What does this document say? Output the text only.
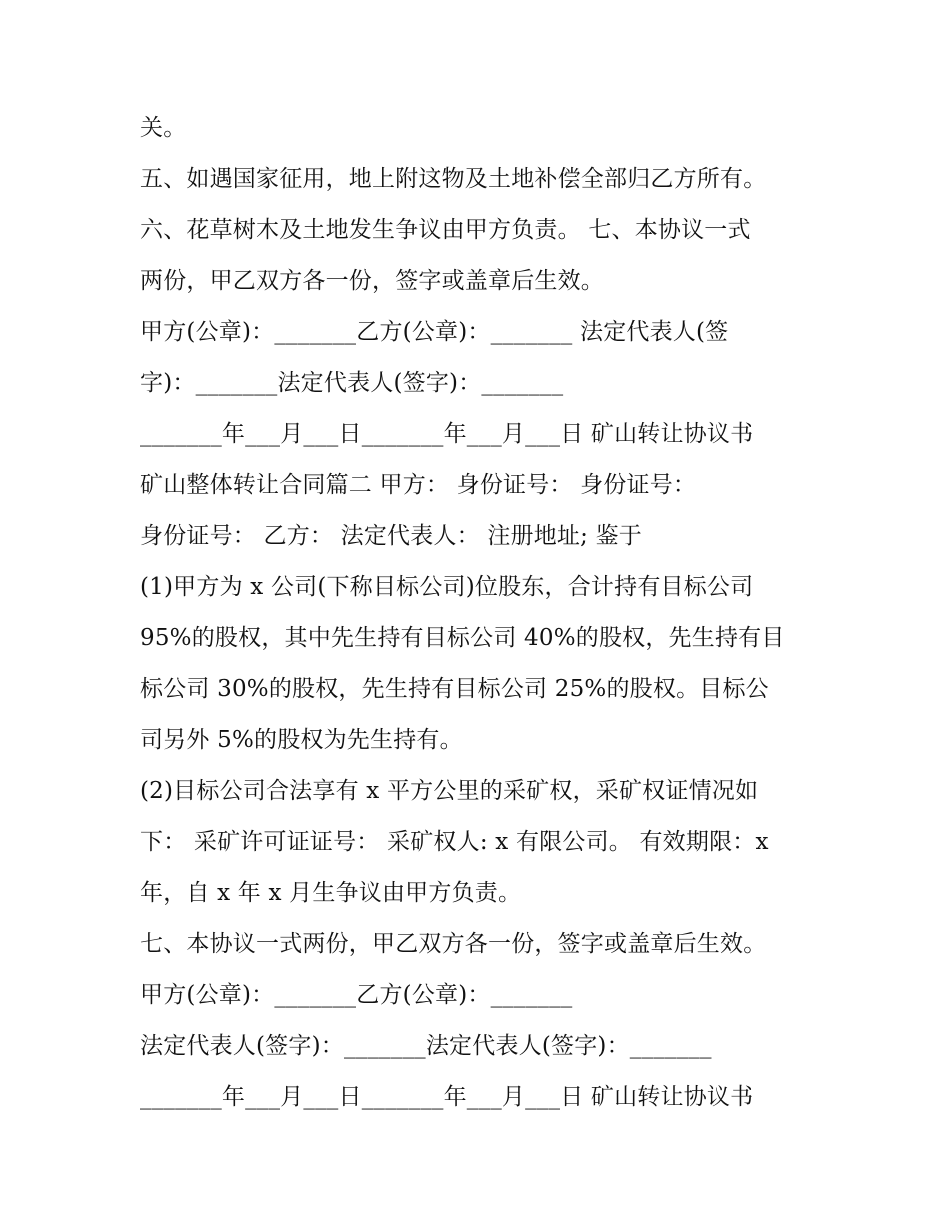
关。

五、如遇国家征用，地上附这物及土地补偿全部归乙方所有。

六、花草树木及土地发生争议由甲方负责。 七、本协议一式

两份，甲乙双方各一份，签字或盖章后生效。

甲方(公章)：_______乙方(公章)：_______ 法定代表人(签

字)：_______法定代表人(签字)：_______

_______年___月___日_______年___月___日 矿山转让协议书

矿山整体转让合同篇二 甲方： 身份证号： 身份证号：

身份证号： 乙方： 法定代表人： 注册地址; 鉴于

(1)甲方为 x 公司(下称目标公司)位股东，合计持有目标公司

95%的股权，其中先生持有目标公司 40%的股权，先生持有目

标公司 30%的股权，先生持有目标公司 25%的股权。目标公

司另外 5%的股权为先生持有。

(2)目标公司合法享有 x 平方公里的采矿权，采矿权证情况如

下： 采矿许可证证号： 采矿权人: x 有限公司。 有效期限：x

年，自 x 年 x 月生争议由甲方负责。

七、本协议一式两份，甲乙双方各一份，签字或盖章后生效。

甲方(公章)：_______乙方(公章)：_______

法定代表人(签字)：_______法定代表人(签字)：_______

_______年___月___日_______年___月___日 矿山转让协议书
